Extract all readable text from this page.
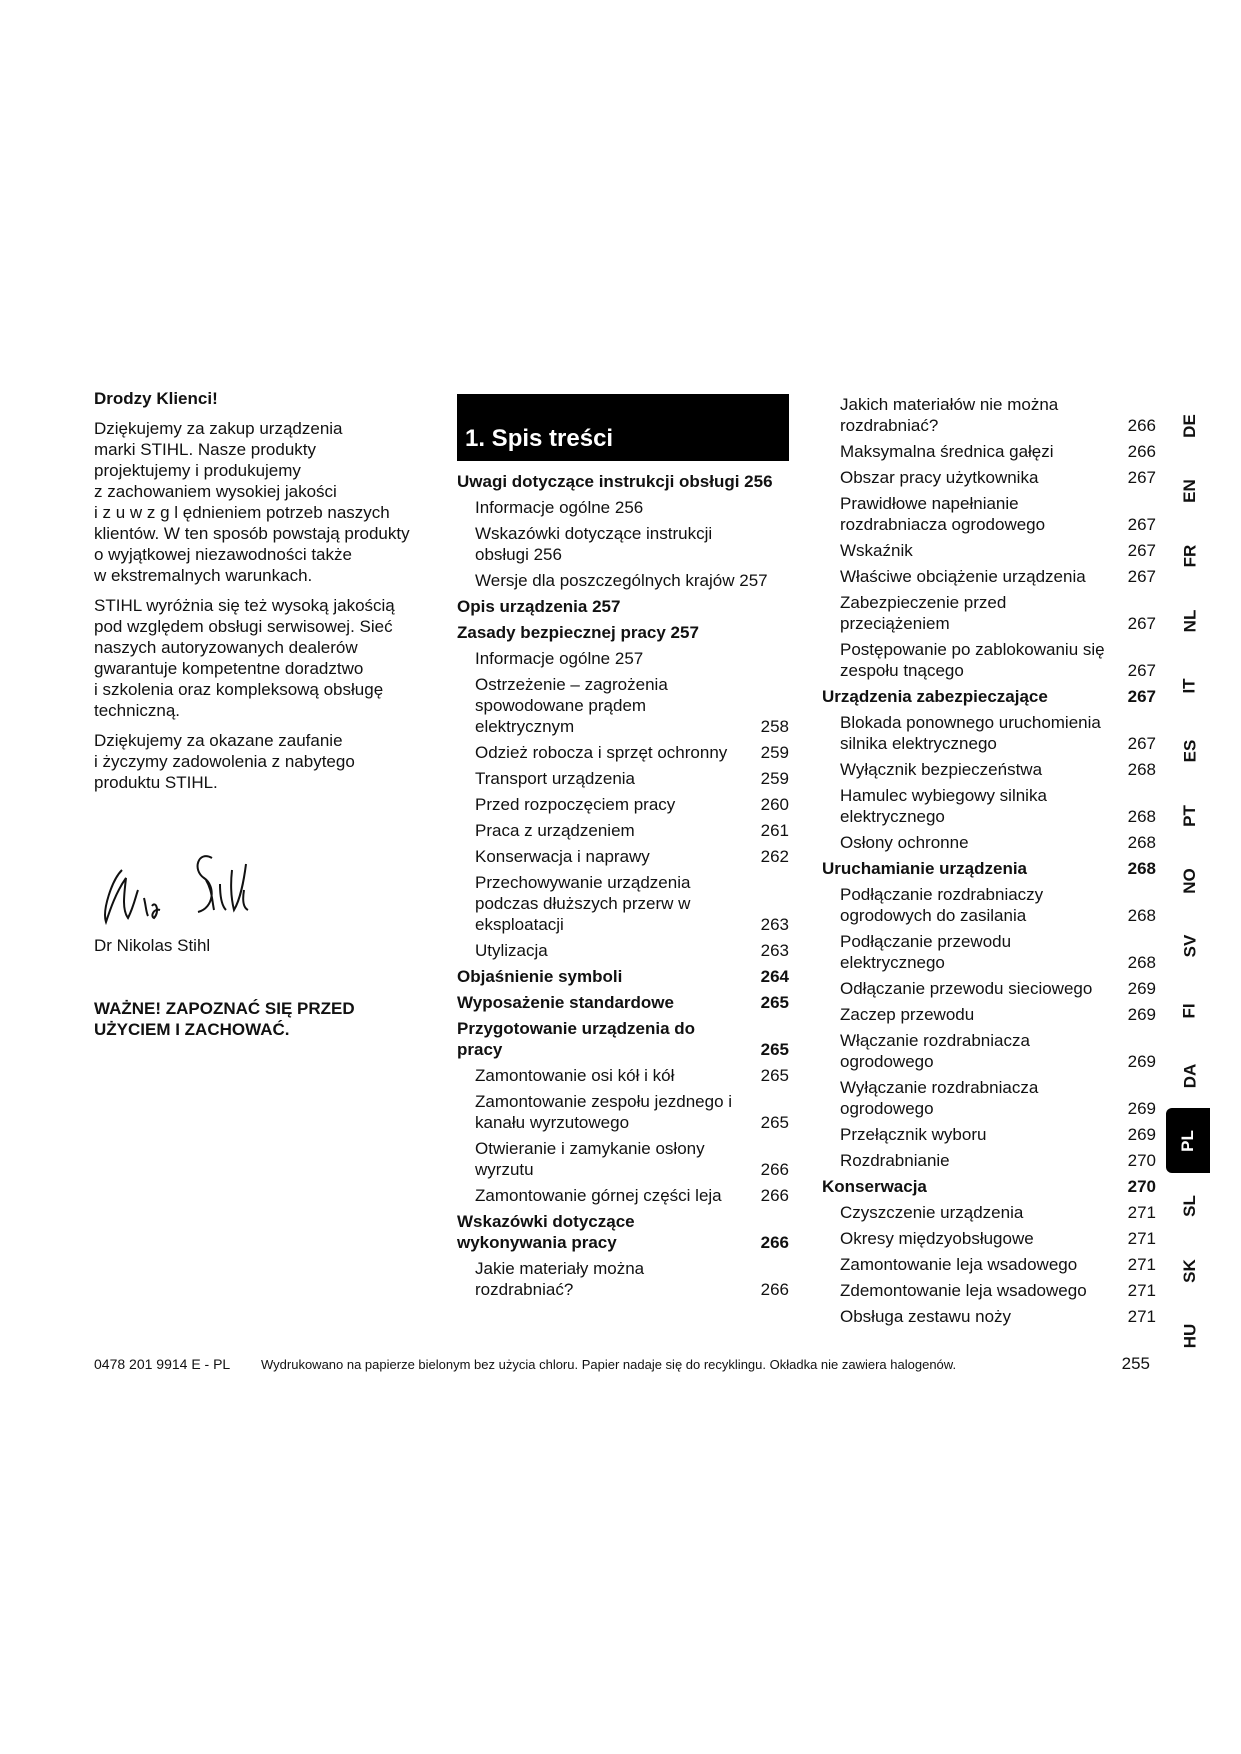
Drodzy Klienci!
Dziękujemy za zakup urządzenia
marki STIHL. Nasze produkty
projektujemy i produkujemy
z zachowaniem wysokiej jakości
i z u w z g l ędnieniem potrzeb naszych
klientów. W ten sposób powstają produkty
o wyjątkowej niezawodności także
w ekstremalnych warunkach.
STIHL wyróżnia się też wysoką jakością
pod względem obsługi serwisowej. Sieć
naszych autoryzowanych dealerów
gwarantuje kompetentne doradztwo
i szkolenia oraz kompleksową obsługę
techniczną.
Dziękujemy za okazane zaufanie
i życzymy zadowolenia z nabytego
produktu STIHL.
Dr Nikolas Stihl
WAŻNE! ZAPOZNAĆ SIĘ PRZED
UŻYCIEM I ZACHOWAĆ.
1. Spis treści
Uwagi dotyczące instrukcji obsługi 256
Informacje ogólne 256
Wskazówki dotyczące instrukcji
obsługi 256
Wersje dla poszczególnych krajów 257
Opis urządzenia 257
Zasady bezpiecznej pracy 257
Informacje ogólne 257
Ostrzeżenie – zagrożenia
spowodowane prądem
elektrycznym	258
Odzież robocza i sprzęt ochronny 259
Transport urządzenia	259
Przed rozpoczęciem pracy	260
Praca z urządzeniem	261
Konserwacja i naprawy	262
Przechowywanie urządzenia
podczas dłuższych przerw w
eksploatacji	263
Utylizacja	263
Objaśnienie symboli	264
Wyposażenie standardowe	265
Przygotowanie urządzenia do
pracy	265
Zamontowanie osi kół i kół	265
Zamontowanie zespołu jezdnego i
kanału wyrzutowego	265
Otwieranie i zamykanie osłony
wyrzutu	266
Zamontowanie górnej części leja 266
Wskazówki dotyczące
wykonywania pracy	266
Jakie materiały można
rozdrabniać?	266
Jakich materiałów nie można
rozdrabniać?	266
Maksymalna średnica gałęzi	266
Obszar pracy użytkownika	267
Prawidłowe napełnianie
rozdrabniacza ogrodowego	267
Wskaźnik	267
Właściwe obciążenie urządzenia 267
Zabezpieczenie przed
przeciążeniem	267
Postępowanie po zablokowaniu się
zespołu tnącego	267
Urządzenia zabezpieczające	267
Blokada ponownego uruchomienia
silnika elektrycznego	267
Wyłącznik bezpieczeństwa	268
Hamulec wybiegowy silnika
elektrycznego	268
Osłony ochronne	268
Uruchamianie urządzenia	268
Podłączanie rozdrabniaczy
ogrodowych do zasilania	268
Podłączanie przewodu
elektrycznego	268
Odłączanie przewodu sieciowego 269
Zaczep przewodu	269
Włączanie rozdrabniacza
ogrodowego	269
Wyłączanie rozdrabniacza
ogrodowego	269
Przełącznik wyboru	269
Rozdrabnianie	270
Konserwacja	270
Czyszczenie urządzenia	271
Okresy międzyobsługowe	271
Zamontowanie leja wsadowego	271
Zdemontowanie leja wsadowego 271
Obsługa zestawu noży	271
DE
EN
FR
NL
IT
ES
PT
NO
SV
FI
DA
PL
SL
SK
HU
0478 201 9914 E - PL Wydrukowano na papierze bielonym bez użycia chloru. Papier nadaje się do recyklingu. Okładka nie zawiera halogenów.	255
